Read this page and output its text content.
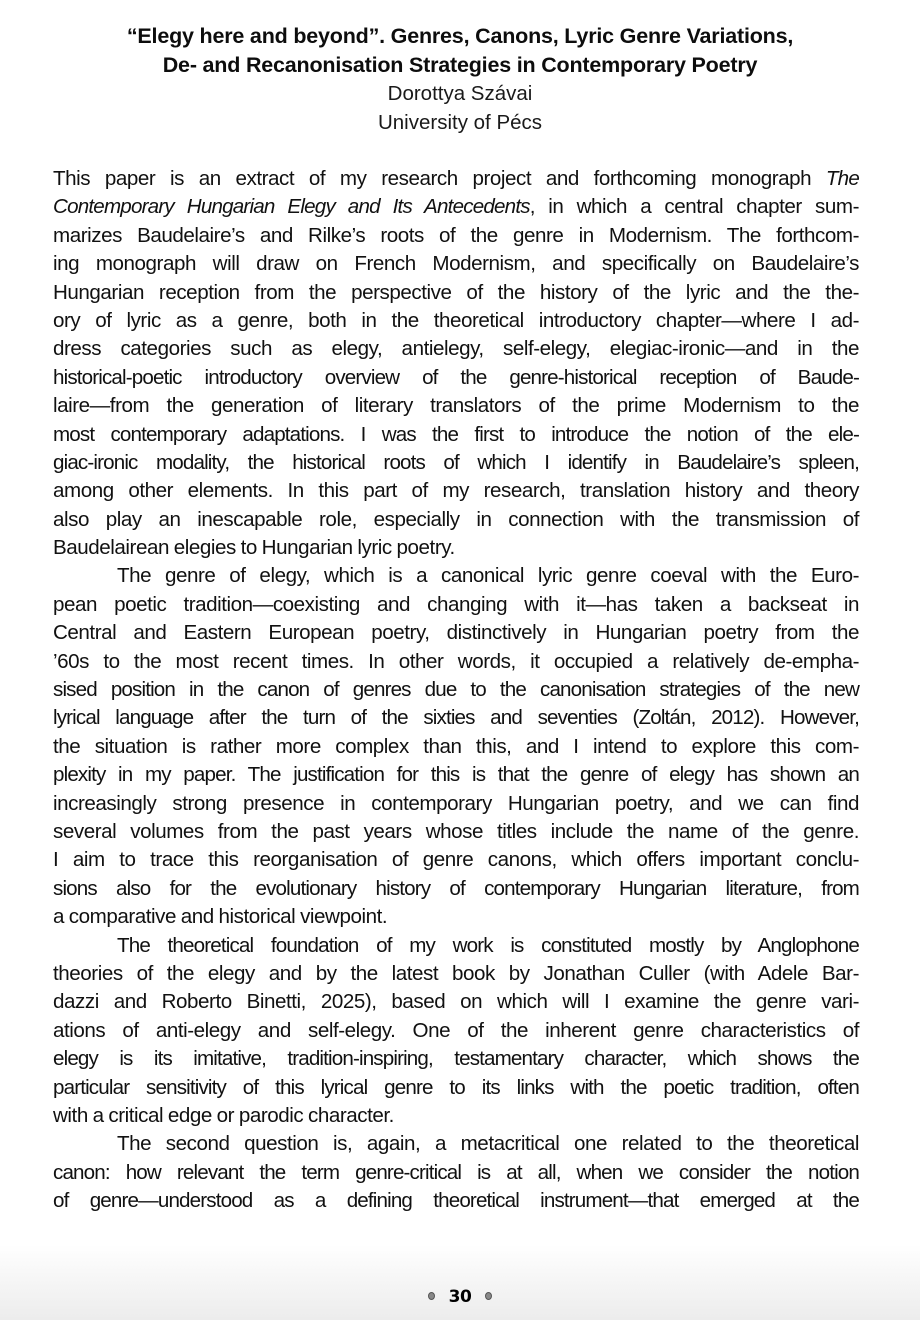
“Elegy here and beyond”. Genres, Canons, Lyric Genre Variations,
De- and Recanonisation Strategies in Contemporary Poetry
Dorottya Szávai
University of Pécs
This paper is an extract of my research project and forthcoming monograph The
Contemporary Hungarian Elegy and Its Antecedents, in which a central chapter sum-
marizes Baudelaire’s and Rilke’s roots of the genre in Modernism. The forthcom-
ing monograph will draw on French Modernism, and specifically on Baudelaire’s
Hungarian reception from the perspective of the history of the lyric and the the-
ory of lyric as a genre, both in the theoretical introductory chapter—where I ad-
dress categories such as elegy, antielegy, self-elegy, elegiac-ironic—and in the
historical-poetic introductory overview of the genre-historical reception of Baude-
laire—from the generation of literary translators of the prime Modernism to the
most contemporary adaptations. I was the first to introduce the notion of the ele-
giac-ironic modality, the historical roots of which I identify in Baudelaire’s spleen,
among other elements. In this part of my research, translation history and theory
also play an inescapable role, especially in connection with the transmission of
Baudelairean elegies to Hungarian lyric poetry.
The genre of elegy, which is a canonical lyric genre coeval with the Euro-
pean poetic tradition—coexisting and changing with it—has taken a backseat in
Central and Eastern European poetry, distinctively in Hungarian poetry from the
’60s to the most recent times. In other words, it occupied a relatively de-empha-
sised position in the canon of genres due to the canonisation strategies of the new
lyrical language after the turn of the sixties and seventies (Zoltán, 2012). However,
the situation is rather more complex than this, and I intend to explore this com-
plexity in my paper. The justification for this is that the genre of elegy has shown an
increasingly strong presence in contemporary Hungarian poetry, and we can find
several volumes from the past years whose titles include the name of the genre.
I aim to trace this reorganisation of genre canons, which offers important conclu-
sions also for the evolutionary history of contemporary Hungarian literature, from
a comparative and historical viewpoint.
The theoretical foundation of my work is constituted mostly by Anglophone
theories of the elegy and by the latest book by Jonathan Culler (with Adele Bar-
dazzi and Roberto Binetti, 2025), based on which will I examine the genre vari-
ations of anti-elegy and self-elegy. One of the inherent genre characteristics of
elegy is its imitative, tradition-inspiring, testamentary character, which shows the
particular sensitivity of this lyrical genre to its links with the poetic tradition, often
with a critical edge or parodic character.
The second question is, again, a metacritical one related to the theoretical
canon: how relevant the term genre-critical is at all, when we consider the notion
of genre—understood as a defining theoretical instrument—that emerged at the
30
